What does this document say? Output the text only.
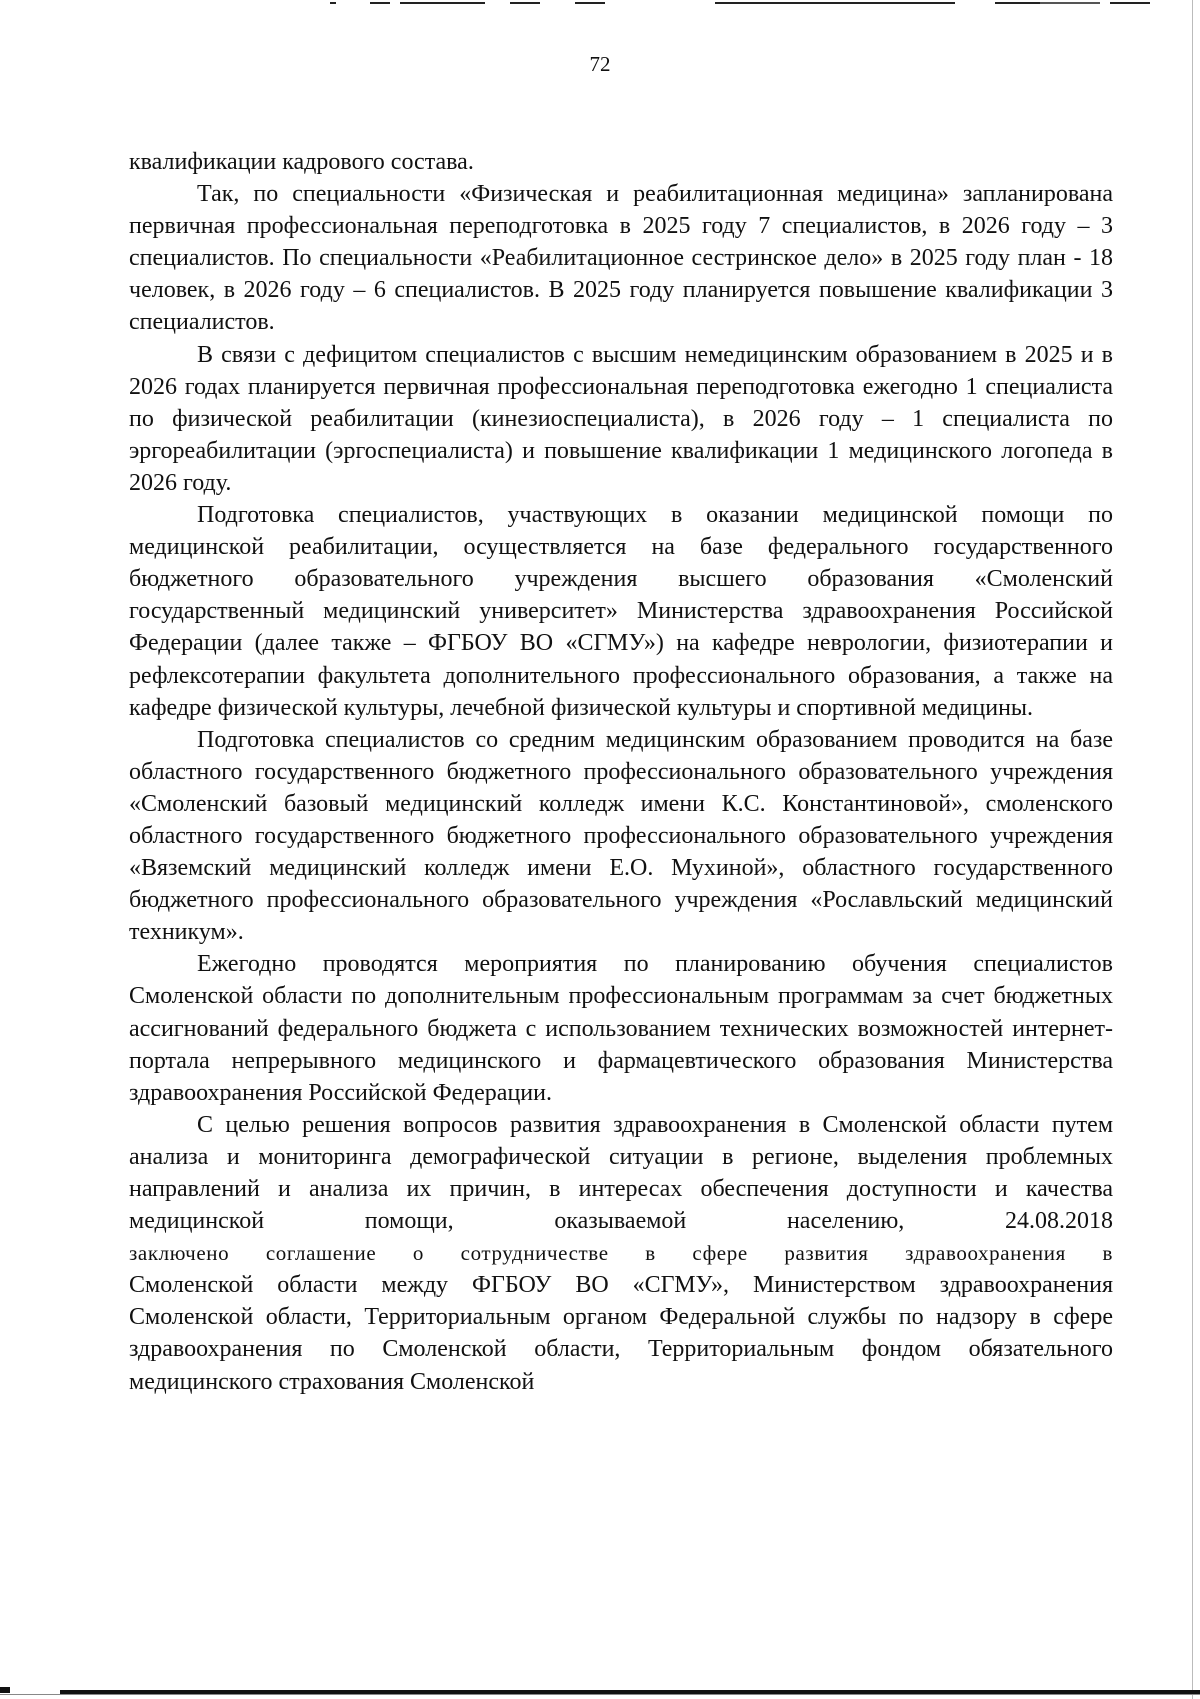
72

квалификации кадрового состава.

Так, по специальности «Физическая и реабилитационная медицина» запланирована первичная профессиональная переподготовка в 2025 году 7 специалистов, в 2026 году – 3 специалистов. По специальности «Реабилитационное сестринское дело» в 2025 году план - 18 человек, в 2026 году – 6 специалистов. В 2025 году планируется повышение квалификации 3 специалистов.

В связи с дефицитом специалистов с высшим немедицинским образованием в 2025 и в 2026 годах планируется первичная профессиональная переподготовка ежегодно 1 специалиста по физической реабилитации (кинезиоспециалиста), в 2026 году – 1 специалиста по эргореабилитации (эргоспециалиста) и повышение квалификации 1 медицинского логопеда в 2026 году.

Подготовка специалистов, участвующих в оказании медицинской помощи по медицинской реабилитации, осуществляется на базе федерального государственного бюджетного образовательного учреждения высшего образования «Смоленский государственный медицинский университет» Министерства здравоохранения Российской Федерации (далее также – ФГБОУ ВО «СГМУ») на кафедре неврологии, физиотерапии и рефлексотерапии факультета дополнительного профессионального образования, а также на кафедре физической культуры, лечебной физической культуры и спортивной медицины.

Подготовка специалистов со средним медицинским образованием проводится на базе областного государственного бюджетного профессионального образовательного учреждения «Смоленский базовый медицинский колледж имени К.С. Константиновой», смоленского областного государственного бюджетного профессионального образовательного учреждения «Вяземский медицинский колледж имени Е.О. Мухиной», областного государственного бюджетного профессионального образовательного учреждения «Рославльский медицинский техникум».

Ежегодно проводятся мероприятия по планированию обучения специалистов Смоленской области по дополнительным профессиональным программам за счет бюджетных ассигнований федерального бюджета с использованием технических возможностей интернет-портала непрерывного медицинского и фармацевтического образования Министерства здравоохранения Российской Федерации.

С целью решения вопросов развития здравоохранения в Смоленской области путем анализа и мониторинга демографической ситуации в регионе, выделения проблемных направлений и анализа их причин, в интересах обеспечения доступности и качества медицинской помощи, оказываемой населению, 24.08.2018

заключено соглашение о сотрудничестве в сфере развития здравоохранения в

Смоленской области между ФГБОУ ВО «СГМУ», Министерством здравоохранения Смоленской области, Территориальным органом Федеральной службы по надзору в сфере здравоохранения по Смоленской области, Территориальным фондом обязательного медицинского страхования Смоленской
